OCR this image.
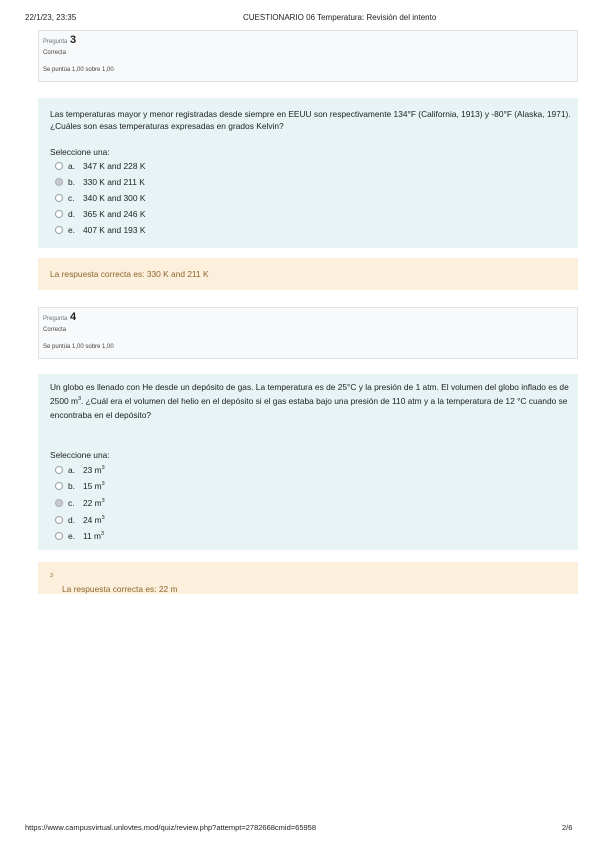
22/1/23, 23:35	CUESTIONARIO 06 Temperatura: Revisión del intento
Pregunta 3
Correcta
Se puntúa 1,00 sobre 1,00
Las temperaturas mayor y menor registradas desde siempre en EEUU son respectivamente 134°F (California, 1913) y -80°F (Alaska, 1971).
¿Cuáles son esas temperaturas expresadas en grados Kelvin?
Seleccione una:
a. 347 K and 228 K
b. 330 K and 211 K
c. 340 K and 300 K
d. 365 K and 246 K
e. 407 K and 193 K
La respuesta correcta es: 330 K and 211 K
Pregunta 4
Correcta
Se puntúa 1,00 sobre 1,00
Un globo es llenado con He desde un depósito de gas. La temperatura es de 25°C y la presión de 1 atm. El volumen del globo inflado es de
2500 $m^3$. ¿Cuál era el volumen del helio en el depósito si el gas estaba bajo una presión de 110 atm y a la temperatura de 12 °C cuando se
encontraba en el depósito?
Seleccione una:
a. 23 $m^3$
b. 15 $m^3$
c. 22 $m^3$
d. 24 $m^3$
e. 11 $m^3$
La respuesta correcta es: 22 m
$^3$
https://www.campusvirtual.unlovtes.mod/quiz/review.php?attempt=2782668cmid=65958	2/6
